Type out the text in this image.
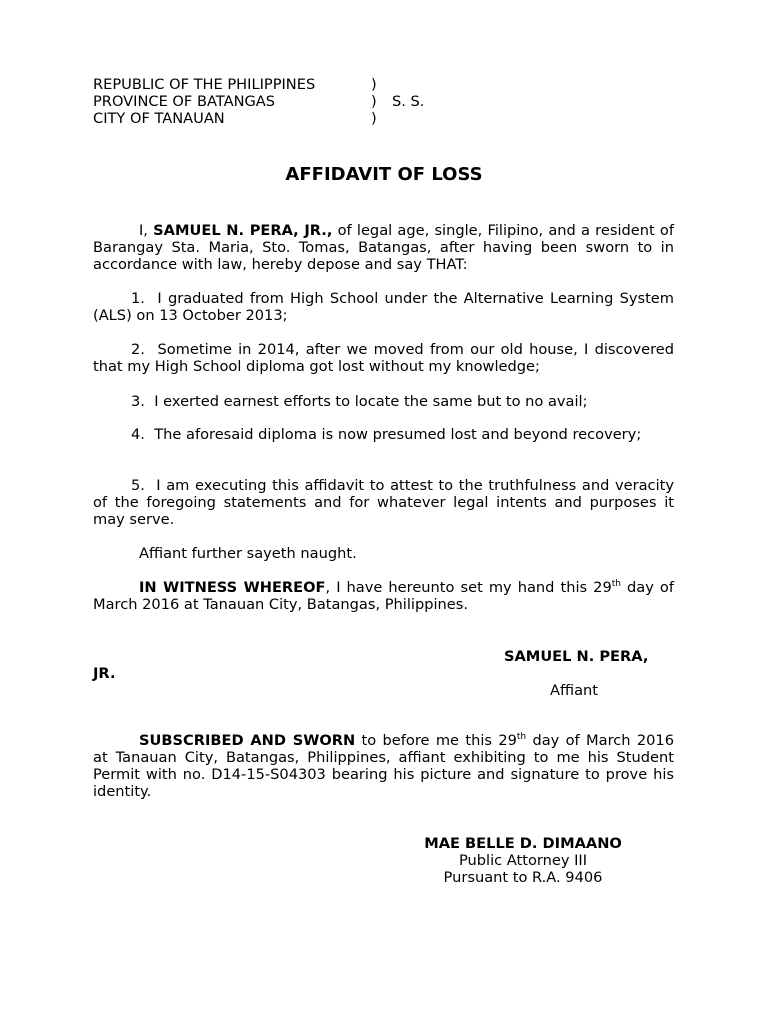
REPUBLIC OF THE PHILIPPINES	)
PROVINCE OF BATANGAS	) S. S.
CITY OF TANAUAN	)
AFFIDAVIT OF LOSS
I, SAMUEL N. PERA, JR., of legal age, single, Filipino, and a resident of Barangay Sta. Maria, Sto. Tomas, Batangas, after having been sworn to in accordance with law, hereby depose and say THAT:
1. I graduated from High School under the Alternative Learning System (ALS) on 13 October 2013;
2. Sometime in 2014, after we moved from our old house, I discovered that my High School diploma got lost without my knowledge;
3. I exerted earnest efforts to locate the same but to no avail;
4. The aforesaid diploma is now presumed lost and beyond recovery;
5. I am executing this affidavit to attest to the truthfulness and veracity of the foregoing statements and for whatever legal intents and purposes it may serve.
Affiant further sayeth naught.
IN WITNESS WHEREOF, I have hereunto set my hand this 29th day of March 2016 at Tanauan City, Batangas, Philippines.
SAMUEL N. PERA,
JR.
Affiant
SUBSCRIBED AND SWORN to before me this 29th day of March 2016 at Tanauan City, Batangas, Philippines, affiant exhibiting to me his Student Permit with no. D14-15-S04303 bearing his picture and signature to prove his identity.
MAE BELLE D. DIMAANO
Public Attorney III
Pursuant to R.A. 9406
